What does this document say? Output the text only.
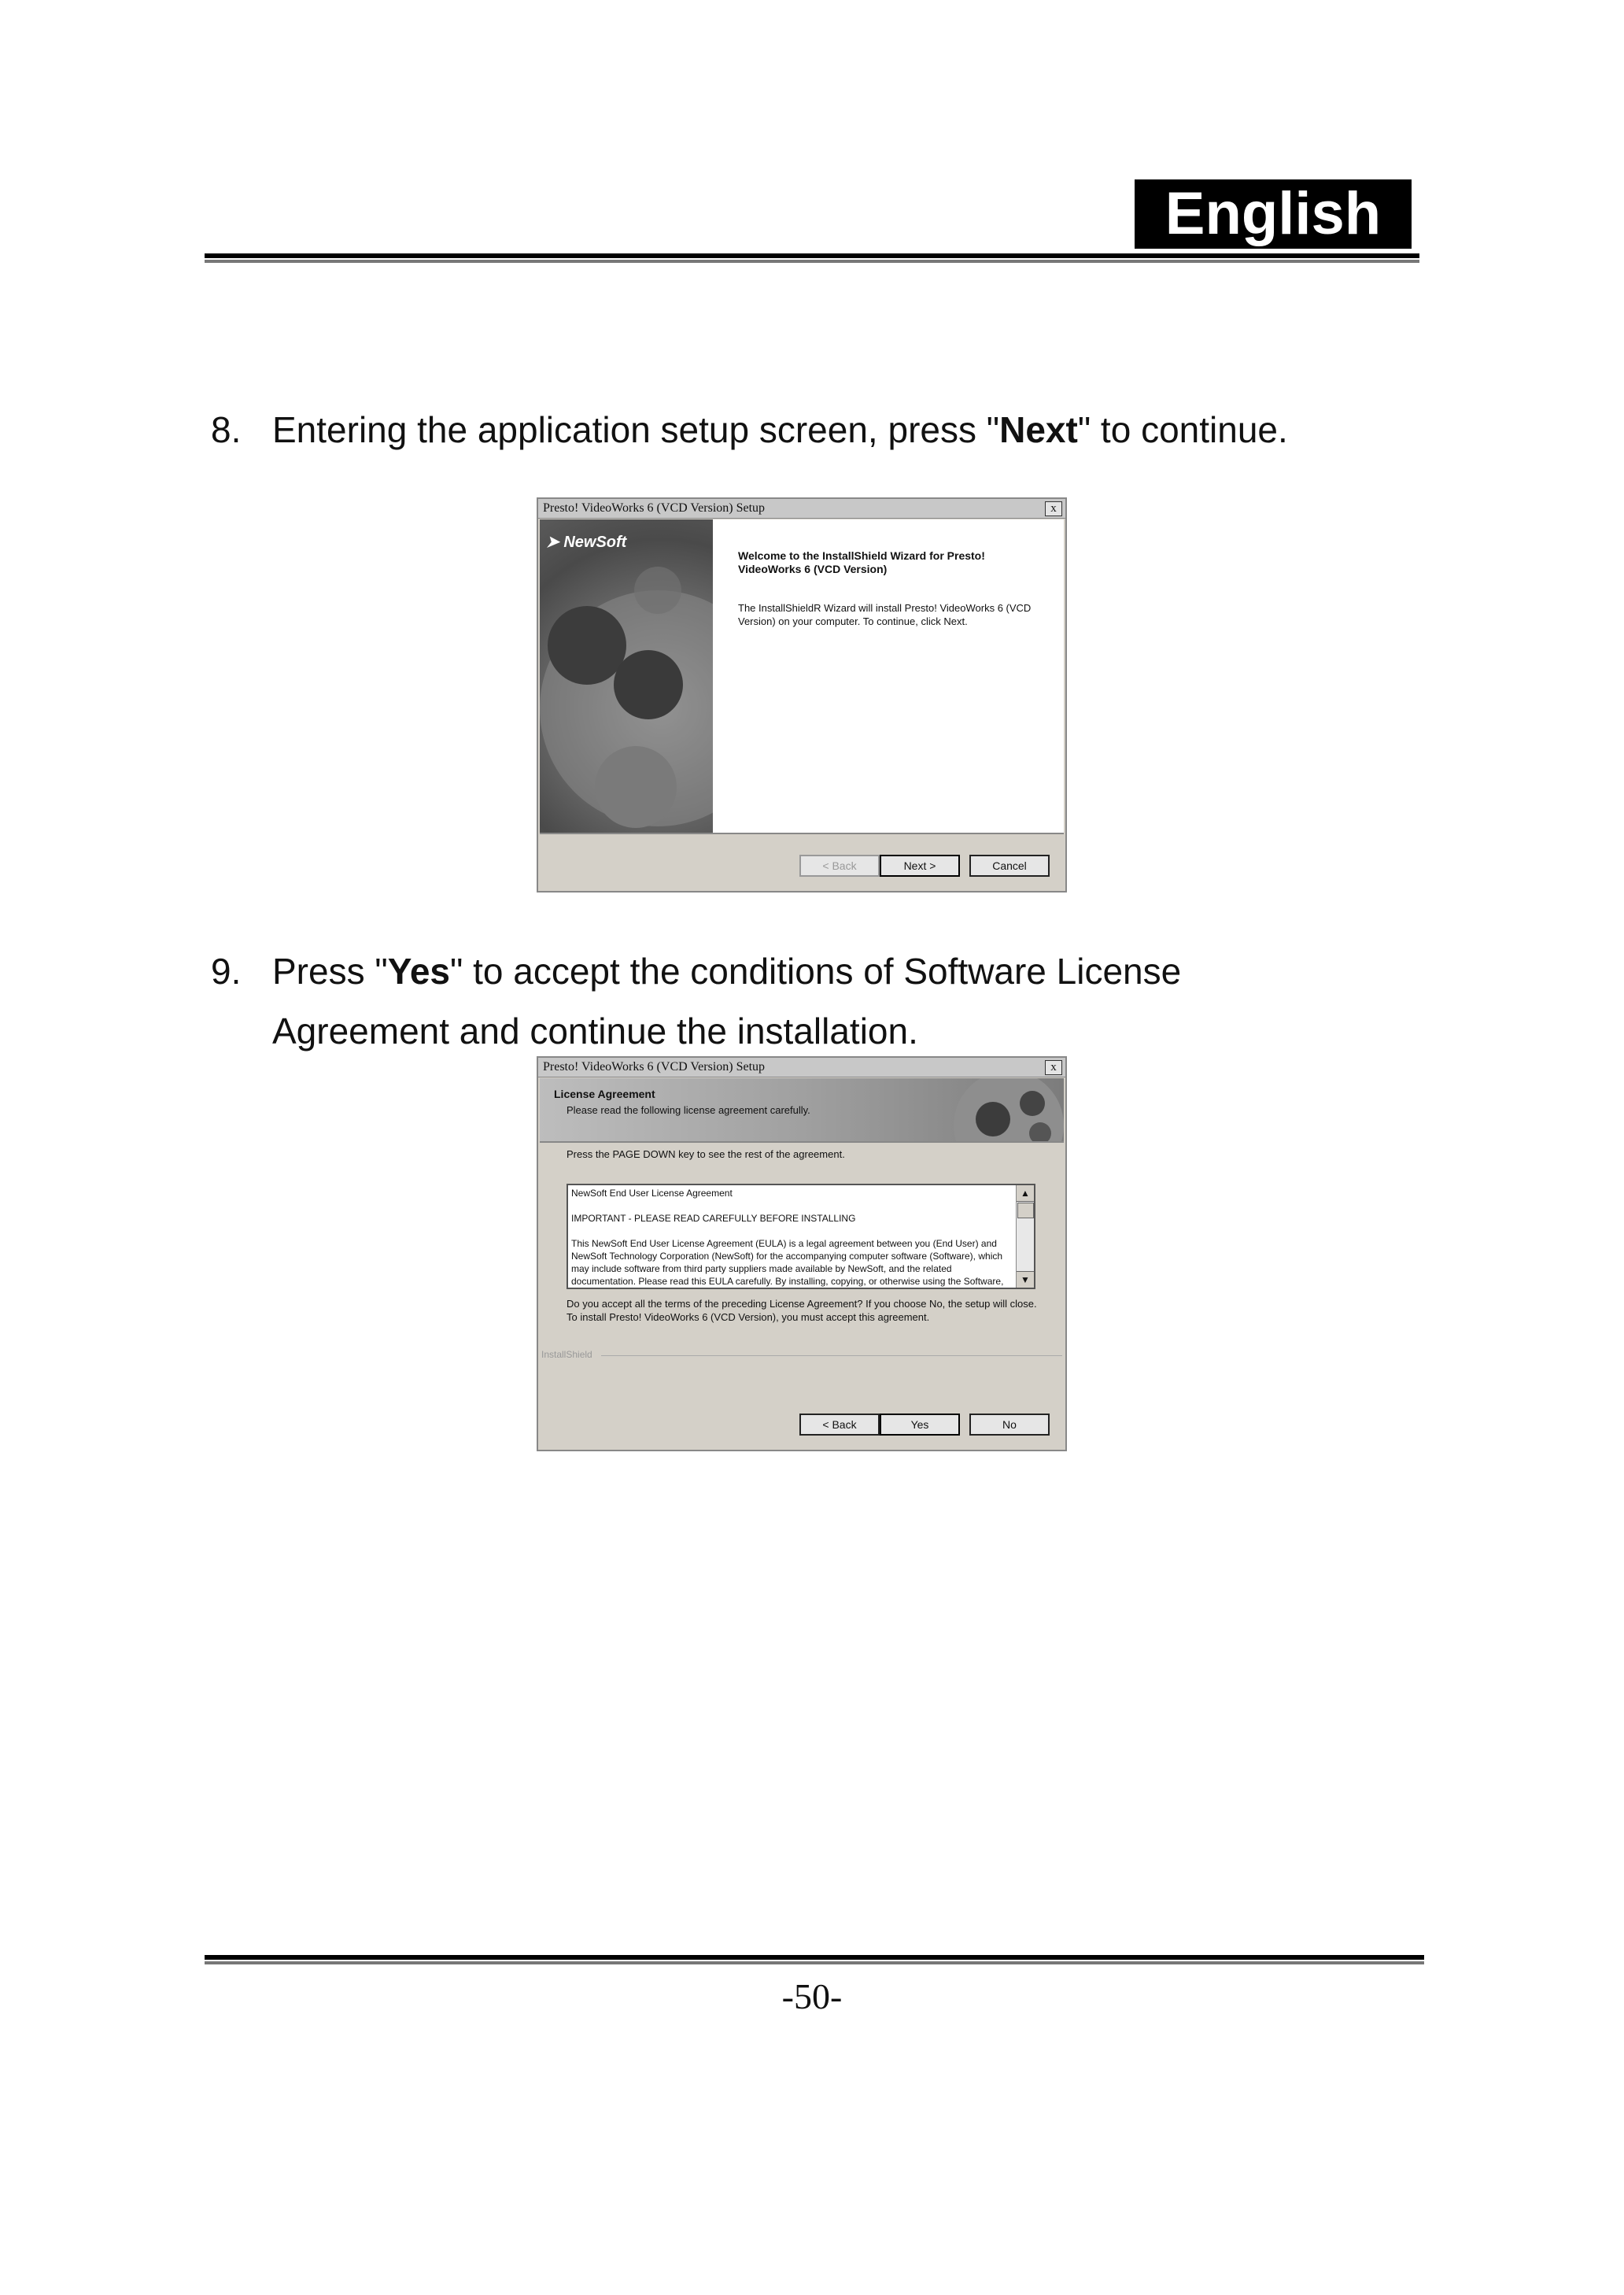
English
8. Entering the application setup screen, press "Next" to continue.
Presto! VideoWorks 6 (VCD Version) Setup	x
➤ NewSoft
Welcome to the InstallShield Wizard for Presto! VideoWorks 6 (VCD Version)
The InstallShieldR Wizard will install Presto! VideoWorks 6 (VCD Version) on your computer. To continue, click Next.
< Back	Next >	Cancel
9. Press "Yes" to accept the conditions of Software License
Agreement and continue the installation.
Presto! VideoWorks 6 (VCD Version) Setup	x
License Agreement
Please read the following license agreement carefully.
Press the PAGE DOWN key to see the rest of the agreement.
NewSoft End User License Agreement
IMPORTANT - PLEASE READ CAREFULLY BEFORE INSTALLING
This NewSoft End User License Agreement (EULA) is a legal agreement between you (End User) and NewSoft Technology Corporation (NewSoft) for the accompanying computer software (Software), which may include software from third party suppliers made available by NewSoft, and the related documentation. Please read this EULA carefully. By installing, copying, or otherwise using the Software,
▲
▼
Do you accept all the terms of the preceding License Agreement? If you choose No, the setup will close. To install Presto! VideoWorks 6 (VCD Version), you must accept this agreement.
InstallShield
< Back	Yes	No
-50-
